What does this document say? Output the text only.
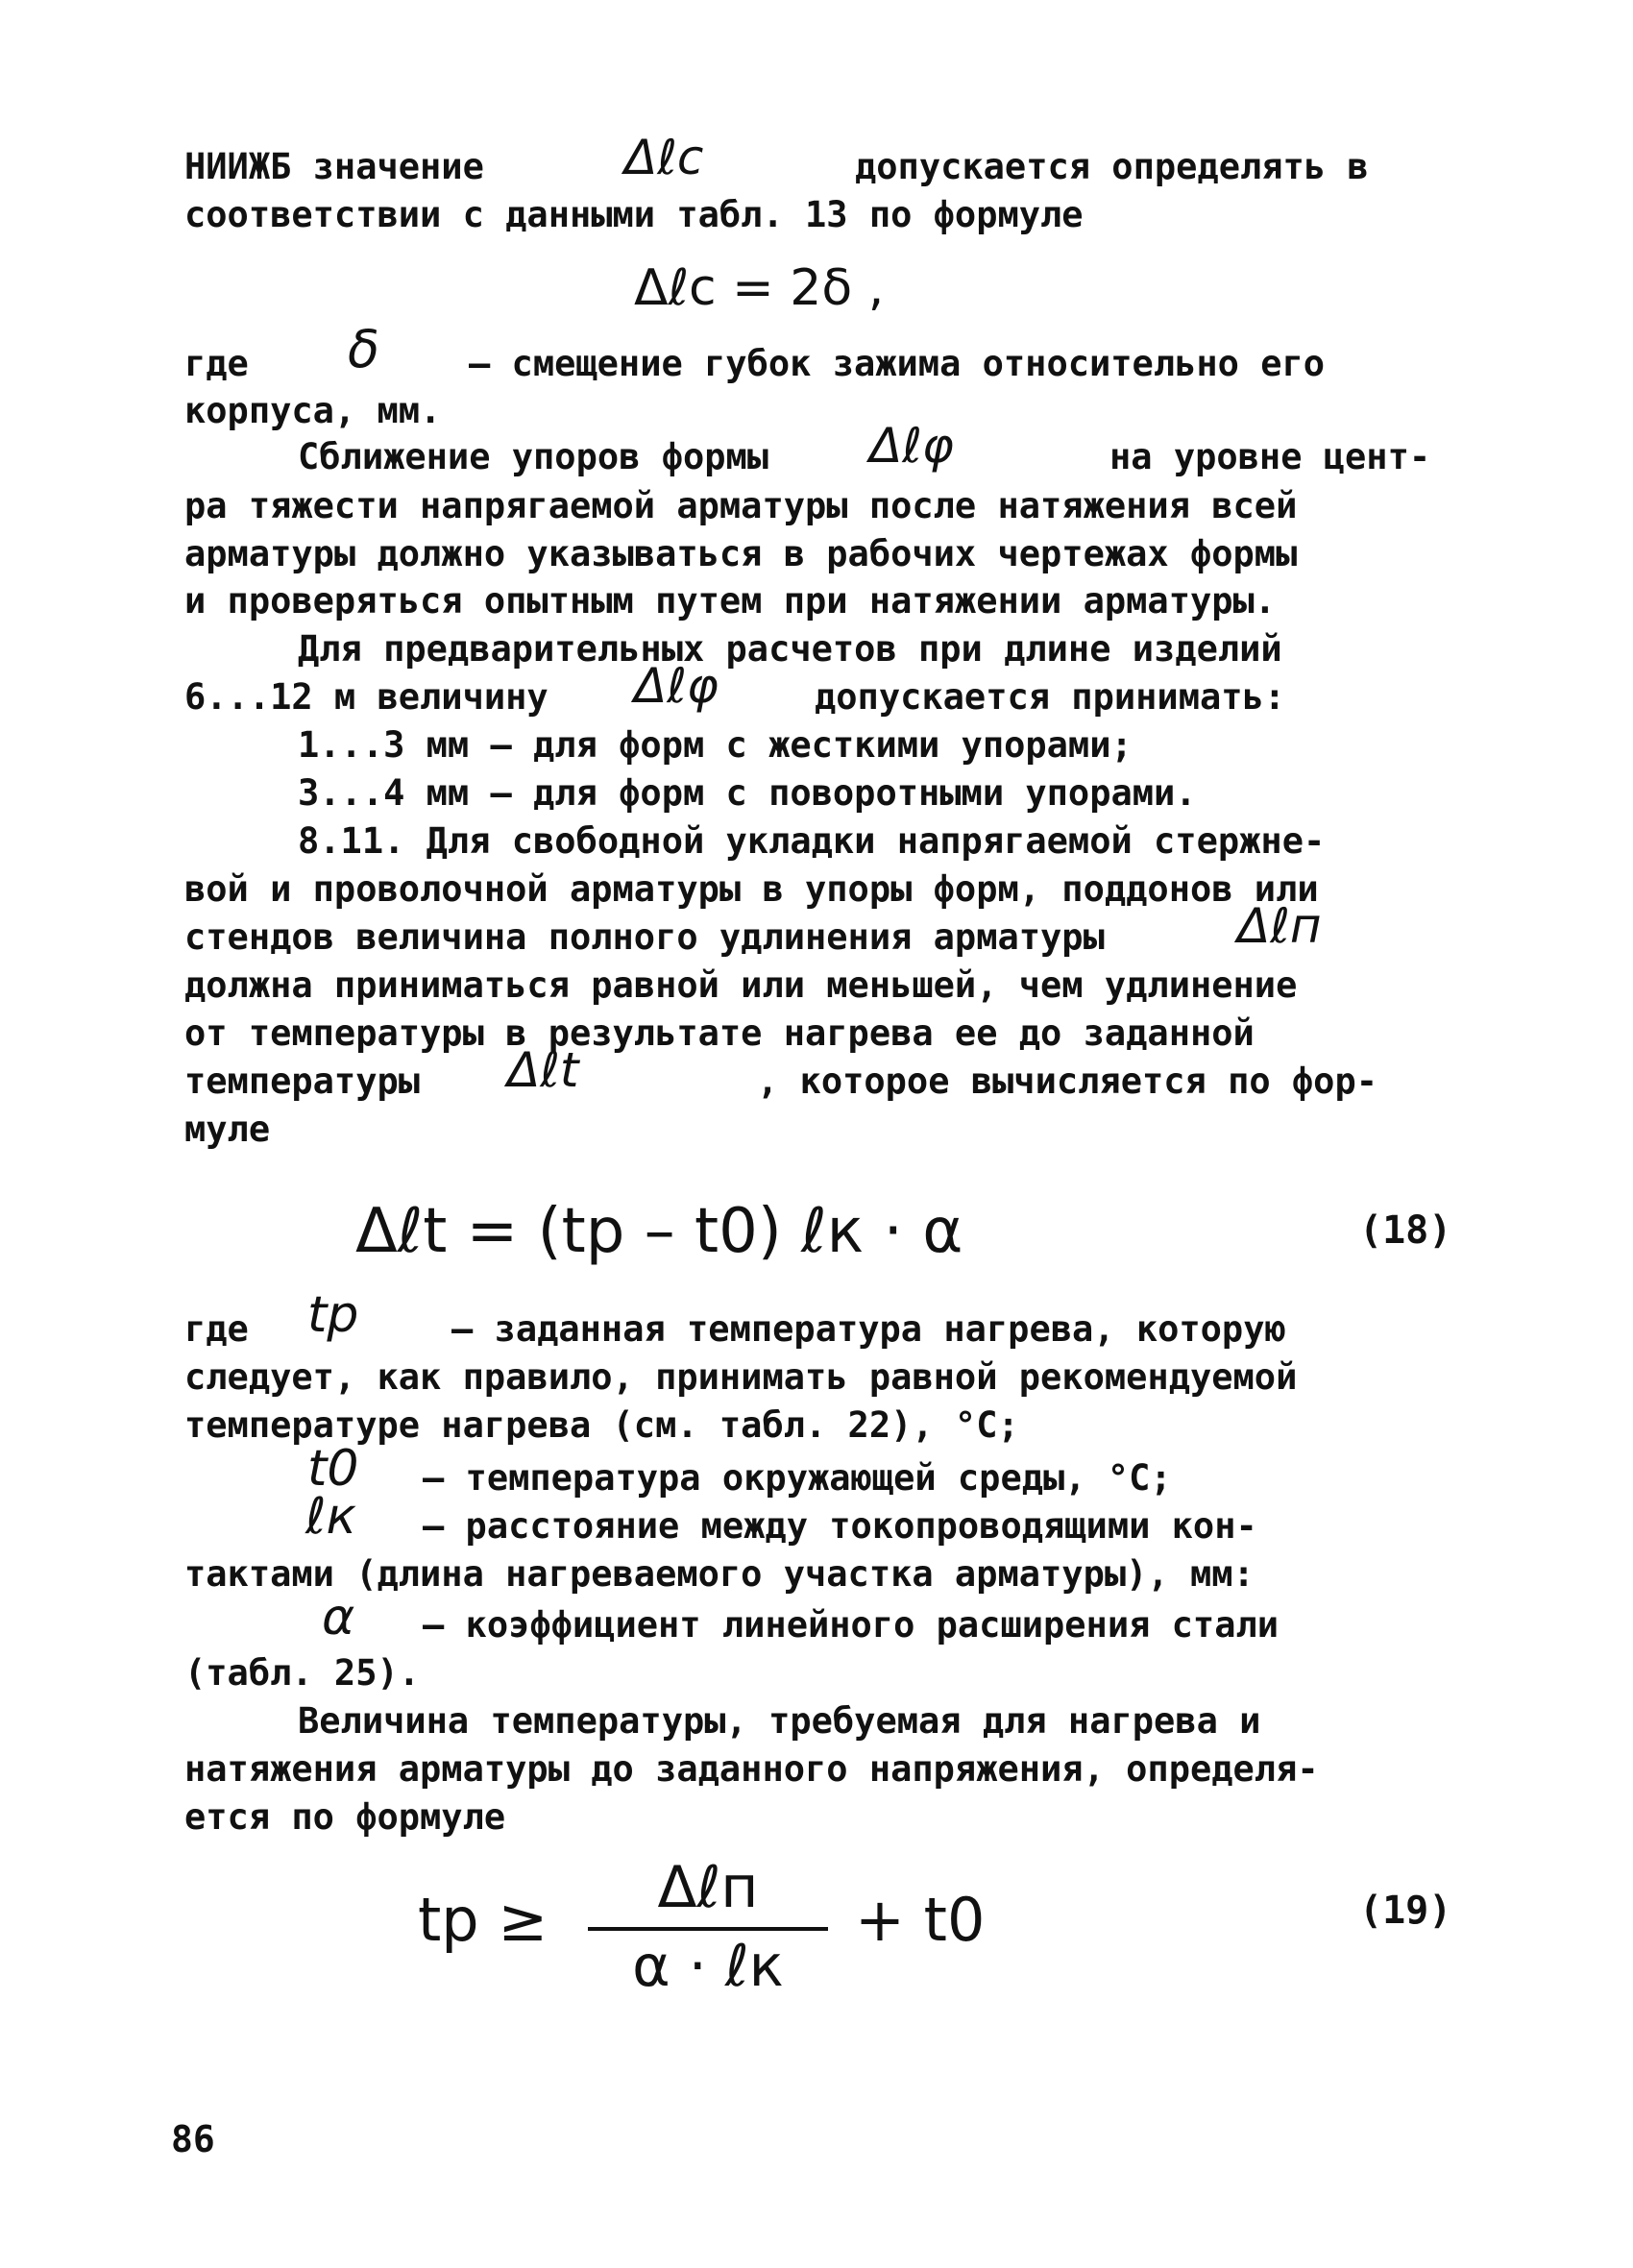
НИИЖБ значение	Δℓc	допускается определять в
соответствии с данными табл. 13 по формуле
Δℓc = 2δ ,
где δ	– смещение губок зажима относительно его
корпуса, мм.
Сближение упоров формы Δℓφ	на уровне цент-
ра тяжести напрягаемой арматуры после натяжения всей
арматуры должно указываться в рабочих чертежах формы
и проверяться опытным путем при натяжении арматуры.
Для предварительных расчетов при длине изделий
6...12 м величину Δℓφ	допускается принимать:
1...3 мм – для форм с жесткими упорами;
3...4 мм – для форм с поворотными упорами.
8.11. Для свободной укладки напрягаемой стержне-
вой и проволочной арматуры в упоры форм, поддонов или
стендов величина полного удлинения арматуры	Δℓп
должна приниматься равной или меньшей, чем удлинение
от температуры в результате нагрева ее до заданной
температуры Δℓt	, которое вычисляется по фор-
муле
Δℓt = (tp – t0) ℓк · α	(18)
где tp	– заданная температура нагрева, которую
следует, как правило, принимать равной рекомендуемой
температуре нагрева (см. табл. 22), °С;
t0 – температура окружающей среды, °С;
ℓк – расстояние между токопроводящими кон-
тактами (длина нагреваемого участка арматуры), мм:
α – коэффициент линейного расширения стали
(табл. 25).
Величина температуры, требуемая для нагрева и
натяжения арматуры до заданного напряжения, определя-
ется по формуле
tp ≥	Δℓп
α · ℓк
+ t0	(19)
86
